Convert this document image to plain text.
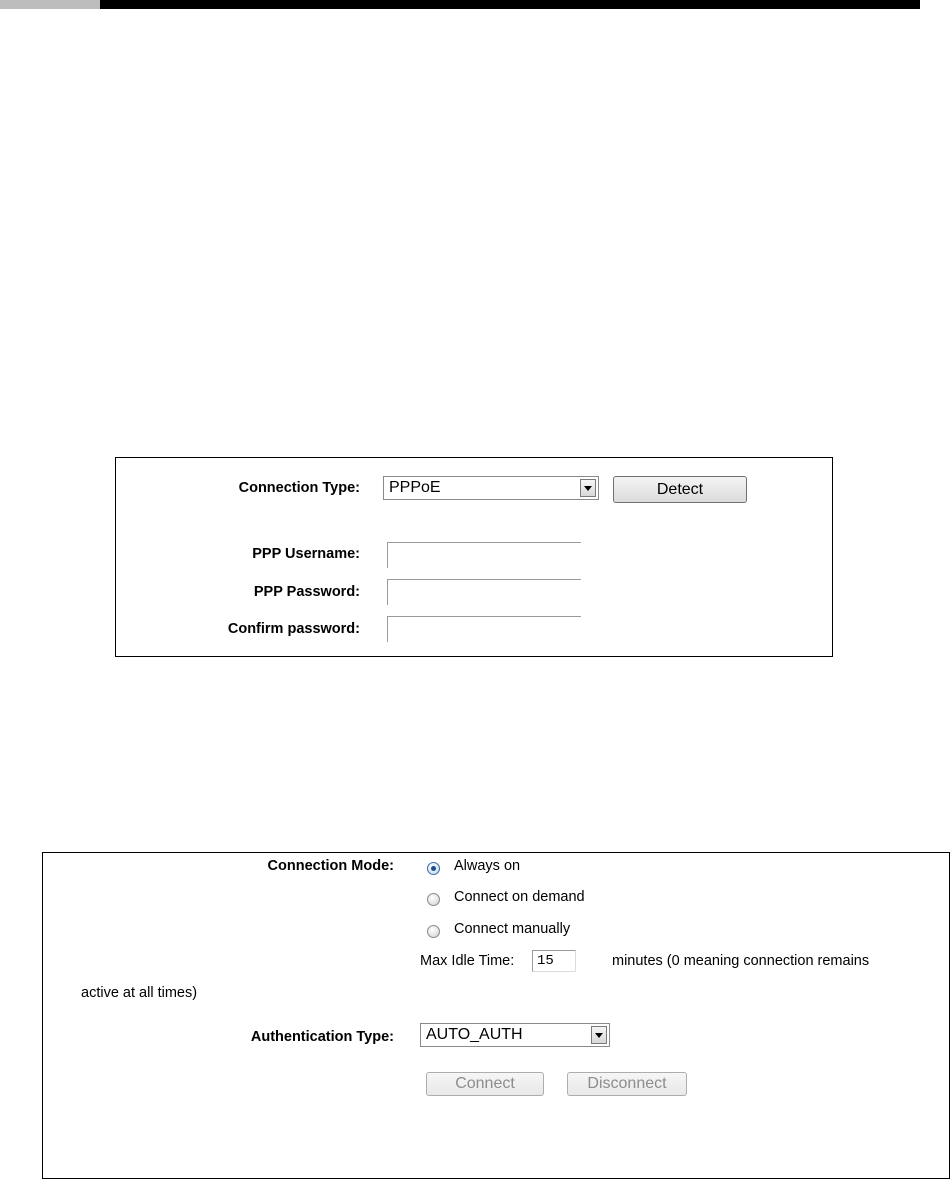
Connection Type: PPPoE	Detect
PPP Username:
PPP Password:
Confirm password:
Connection Mode:	Always on
Connect on demand
Connect manually
Max Idle Time:
15	minutes (0 meaning connection remains
active at all times)
Authentication Type: AUTO_AUTH
Connect	Disconnect
